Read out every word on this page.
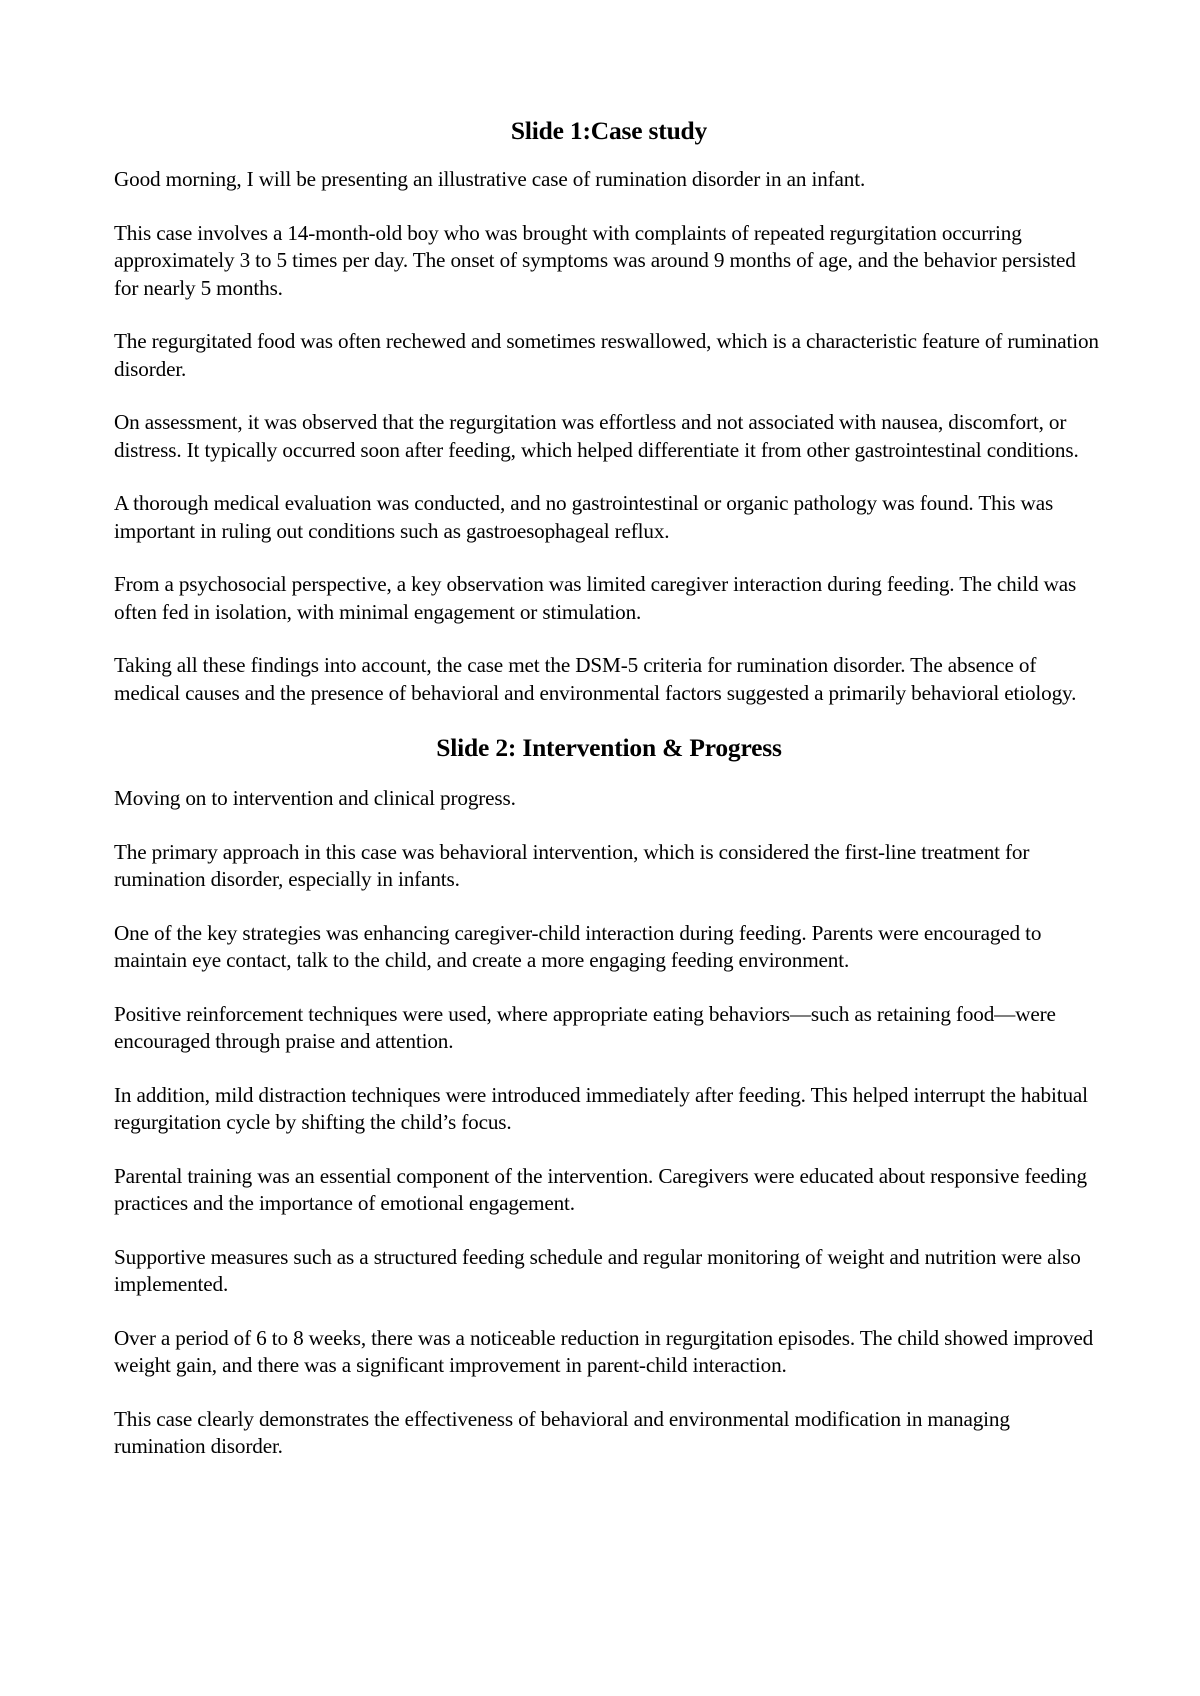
Slide 1:Case study

Good morning, I will be presenting an illustrative case of rumination disorder in an infant.

This case involves a 14-month-old boy who was brought with complaints of repeated regurgitation occurring approximately 3 to 5 times per day. The onset of symptoms was around 9 months of age, and the behavior persisted for nearly 5 months.

The regurgitated food was often rechewed and sometimes reswallowed, which is a characteristic feature of rumination disorder.

On assessment, it was observed that the regurgitation was effortless and not associated with nausea, discomfort, or distress. It typically occurred soon after feeding, which helped differentiate it from other gastrointestinal conditions.

A thorough medical evaluation was conducted, and no gastrointestinal or organic pathology was found. This was important in ruling out conditions such as gastroesophageal reflux.

From a psychosocial perspective, a key observation was limited caregiver interaction during feeding. The child was often fed in isolation, with minimal engagement or stimulation.

Taking all these findings into account, the case met the DSM-5 criteria for rumination disorder. The absence of medical causes and the presence of behavioral and environmental factors suggested a primarily behavioral etiology.

Slide 2: Intervention & Progress

Moving on to intervention and clinical progress.

The primary approach in this case was behavioral intervention, which is considered the first-line treatment for rumination disorder, especially in infants.

One of the key strategies was enhancing caregiver-child interaction during feeding. Parents were encouraged to maintain eye contact, talk to the child, and create a more engaging feeding environment.

Positive reinforcement techniques were used, where appropriate eating behaviors—such as retaining food—were encouraged through praise and attention.

In addition, mild distraction techniques were introduced immediately after feeding. This helped interrupt the habitual regurgitation cycle by shifting the child’s focus.

Parental training was an essential component of the intervention. Caregivers were educated about responsive feeding practices and the importance of emotional engagement.

Supportive measures such as a structured feeding schedule and regular monitoring of weight and nutrition were also implemented.

Over a period of 6 to 8 weeks, there was a noticeable reduction in regurgitation episodes. The child showed improved weight gain, and there was a significant improvement in parent-child interaction.

This case clearly demonstrates the effectiveness of behavioral and environmental modification in managing rumination disorder.
